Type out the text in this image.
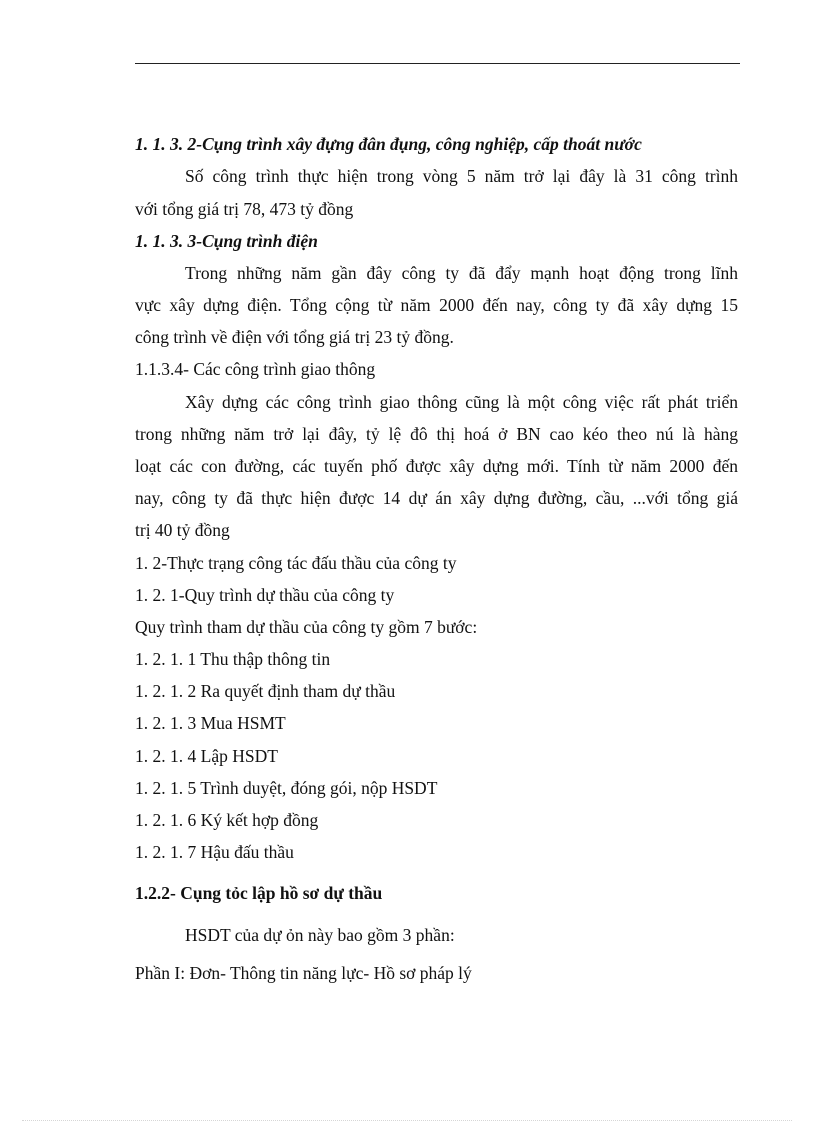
1. 1. 3. 2-Cụng trình xây đựng đân đụng, công nghiệp, cấp thoát nước
Số công trình thực hiện trong vòng 5 năm trở lại đây là 31 công trình
với tổng giá trị 78, 473 tỷ đồng
1. 1. 3. 3-Cụng trình điện
Trong những năm gần đây công ty đã đẩy mạnh hoạt động trong lĩnh
vực xây dựng điện. Tổng cộng từ năm 2000 đến nay, công ty đã xây dựng 15
công trình về điện với tổng giá trị 23 tỷ đồng.
1.1.3.4- Các công trình giao thông
Xây dựng các công trình giao thông cũng là một công việc rất phát triển
trong những năm trở lại đây, tỷ lệ đô thị hoá ở BN cao kéo theo nú là hàng
loạt các con đường, các tuyến phố được xây dựng mới. Tính từ năm 2000 đến
nay, công ty đã thực hiện được 14 dự án xây dựng đường, cầu, ...với tổng giá
trị 40 tỷ đồng
1. 2-Thực trạng công tác đấu thầu của công ty
1. 2. 1-Quy trình dự thầu của công ty
Quy trình tham dự thầu của công ty gồm 7 bước:
1. 2. 1. 1 Thu thập thông tin
1. 2. 1. 2 Ra quyết định tham dự thầu
1. 2. 1. 3 Mua HSMT
1. 2. 1. 4 Lập HSDT
1. 2. 1. 5 Trình duyệt, đóng gói, nộp HSDT
1. 2. 1. 6 Ký kết hợp đồng
1. 2. 1. 7 Hậu đấu thầu
1.2.2- Cụng tỏc lập hồ sơ dự thầu
HSDT của dự ỏn này bao gồm 3 phần:
Phần I: Đơn- Thông tin năng lực- Hồ sơ pháp lý
